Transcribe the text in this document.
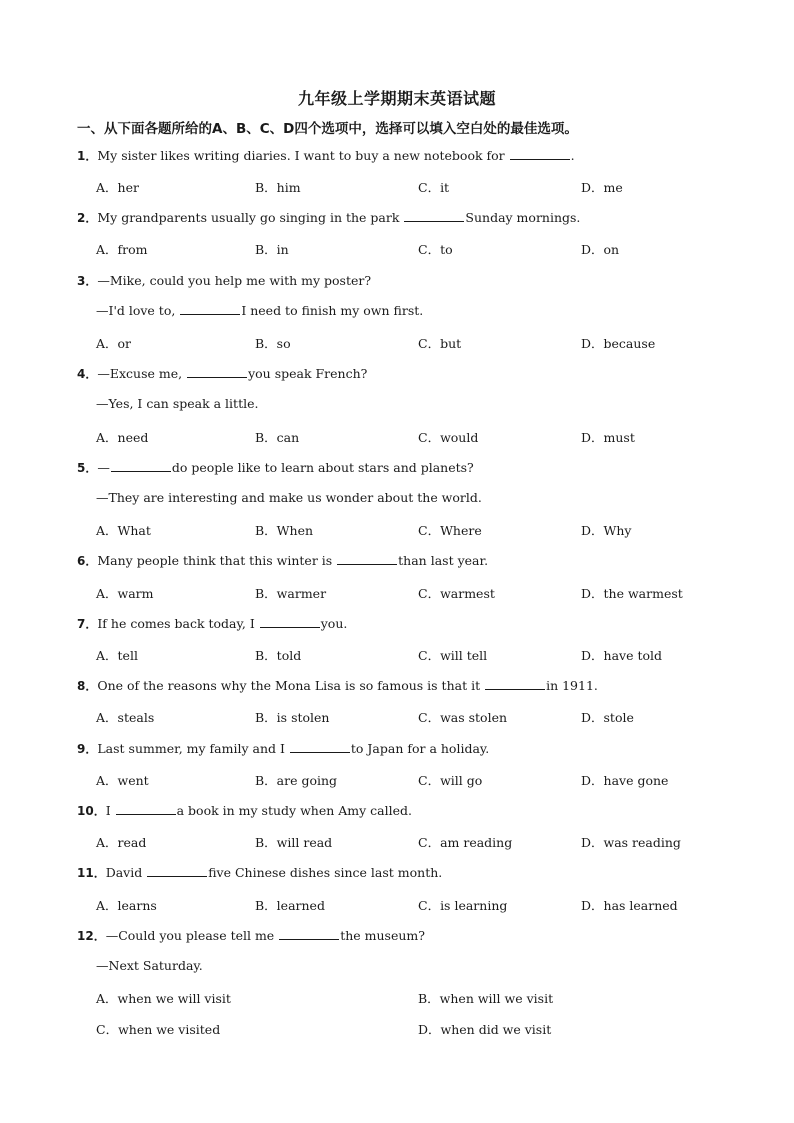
九年级上学期期末英语试题
一、从下面各题所给的A、B、C、D四个选项中，选择可以填入空白处的最佳选项。
1．My sister likes writing diaries. I want to buy a new notebook for	.
A．her	B．him	C．it	D．me
2．My grandparents usually go singing in the park	Sunday mornings.
A．from	B．in	C．to	D．on
3．—Mike, could you help me with my poster?
—I'd love to,	I need to finish my own first.
A．or	B．so	C．but	D．because
4．—Excuse me,	you speak French?
—Yes, I can speak a little.
A．need	B．can	C．would	D．must
5．—	do people like to learn about stars and planets?
—They are interesting and make us wonder about the world.
A．What	B．When	C．Where	D．Why
6．Many people think that this winter is	than last year.
A．warm	B．warmer	C．warmest	D．the warmest
7．If he comes back today, I	you.
A．tell	B．told	C．will tell	D．have told
8．One of the reasons why the Mona Lisa is so famous is that it	in 1911.
A．steals	B．is stolen	C．was stolen	D．stole
9．Last summer, my family and I	to Japan for a holiday.
A．went	B．are going	C．will go	D．have gone
10．I	a book in my study when Amy called.
A．read	B．will read	C．am reading	D．was reading
11．David	five Chinese dishes since last month.
A．learns	B．learned	C．is learning	D．has learned
12．—Could you please tell me	the museum?
—Next Saturday.
A．when we will visit	B．when will we visit
C．when we visited	D．when did we visit
